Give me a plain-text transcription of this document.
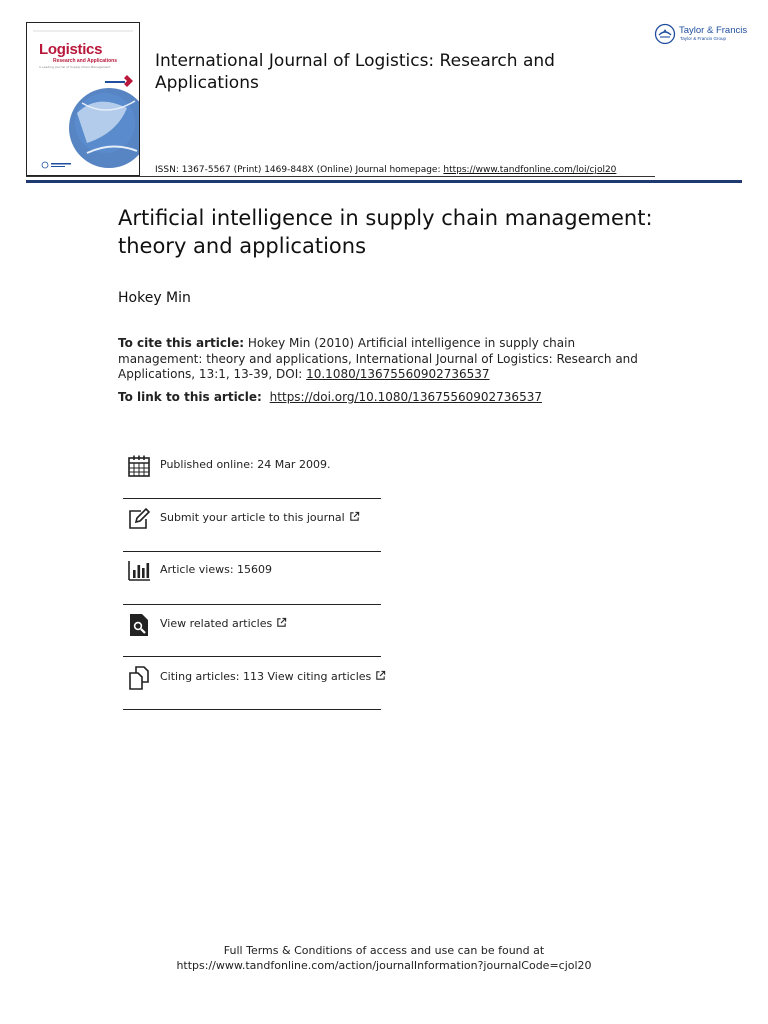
Logistics
Research and Applications
A Leading Journal of Supply Chain Management	International Journal of Logistics: Research and Applications
ISSN: 1367-5567 (Print) 1469-848X (Online) Journal homepage: https://www.tandfonline.com/loi/cjol20
Taylor & Francis
Taylor & Francis Group
Artificial intelligence in supply chain management: theory and applications
Hokey Min
To cite this article: Hokey Min (2010) Artificial intelligence in supply chain management: theory and applications, International Journal of Logistics: Research and Applications, 13:1, 13-39, DOI: 10.1080/13675560902736537
To link to this article: https://doi.org/10.1080/13675560902736537
Published online: 24 Mar 2009.
Submit your article to this journal
Article views: 15609
View related articles
Citing articles: 113 View citing articles
Full Terms & Conditions of access and use can be found at
https://www.tandfonline.com/action/journalInformation?journalCode=cjol20
